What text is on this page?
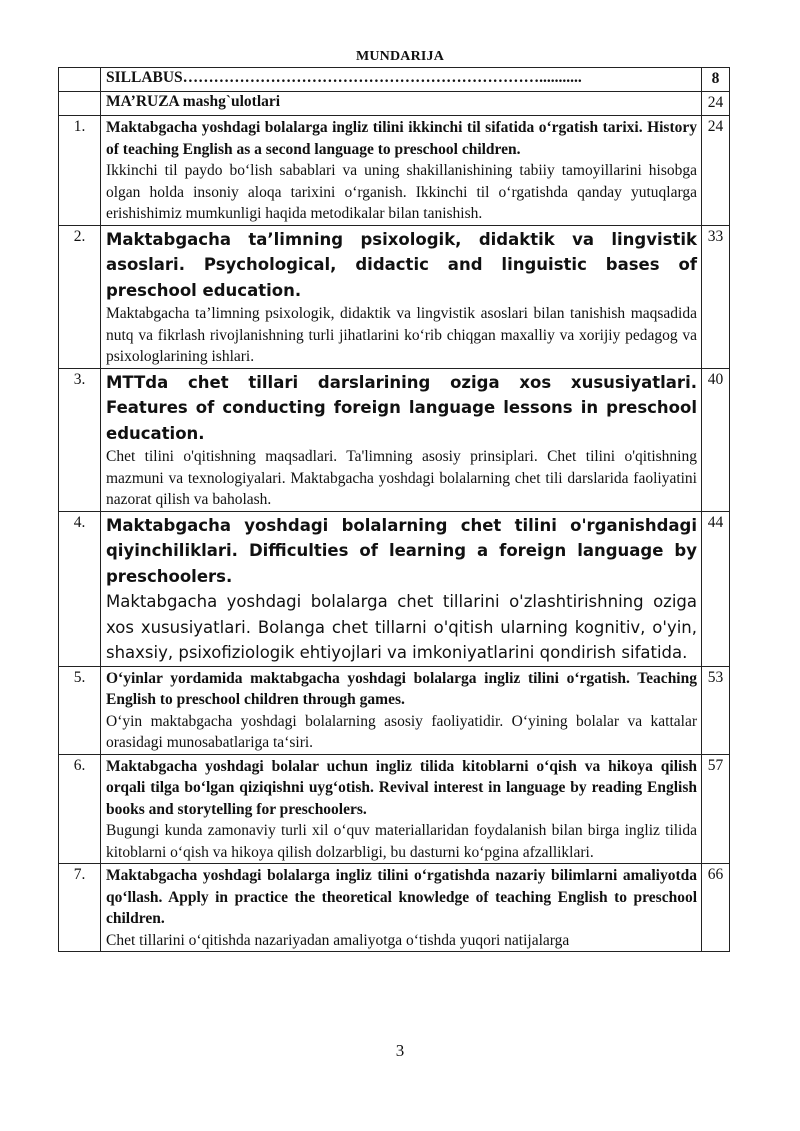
MUNDARIJA

	SILLABUS……………………………………………………………...........	8

	MA’RUZA mashg`ulotlari	24
1.	Maktabgacha yoshdagi bolalarga ingliz tilini ikkinchi til sifatida o‘rgatish tarixi. History of teaching English as a second language to preschool children.
Ikkinchi til paydo bo‘lish sabablari va uning shakillanishining tabiiy tamoyillarini hisobga olgan holda insoniy aloqa tarixini o‘rganish. Ikkinchi til o‘rgatishda qanday yutuqlarga erishishimiz mumkunligi haqida metodikalar bilan tanishish.	24
2.	Maktabgacha ta’limning psixologik, didaktik va lingvistik asoslari. Psychological, didactic and linguistic bases of preschool education.
Maktabgacha ta’limning psixologik, didaktik va lingvistik asoslari bilan tanishish maqsadida nutq va fikrlash rivojlanishning turli jihatlarini ko‘rib chiqgan maxalliy va xorijiy pedagog va psixologlarining ishlari.	33
3.	MTTda chet tillari darslarining oziga xos xususiyatlari. Features of conducting foreign language lessons in preschool education.
Chet tilini o'qitishning maqsadlari. Ta'limning asosiy prinsiplari. Chet tilini o'qitishning mazmuni va texnologiyalari. Maktabgacha yoshdagi bolalarning chet tili darslarida faoliyatini nazorat qilish va baholash.	40
4.	Maktabgacha yoshdagi bolalarning chet tilini o'rganishdagi qiyinchiliklari. Difficulties of learning a foreign language by preschoolers.
Maktabgacha yoshdagi bolalarga chet tillarini o'zlashtirishning oziga xos xususiyatlari. Bolanga chet tillarni o'qitish ularning kognitiv, o'yin, shaxsiy, psixofiziologik ehtiyojlari va imkoniyatlarini qondirish sifatida.	44
5.	O‘yinlar yordamida maktabgacha yoshdagi bolalarga ingliz tilini o‘rgatish. Teaching English to preschool children through games.
O‘yin maktabgacha yoshdagi bolalarning asosiy faoliyatidir. O‘yining bolalar va kattalar orasidagi munosabatlariga ta‘siri.	53
6.	Maktabgacha yoshdagi bolalar uchun ingliz tilida kitoblarni o‘qish va hikoya qilish orqali tilga bo‘lgan qiziqishni uyg‘otish. Revival interest in language by reading English books and storytelling for preschoolers.
Bugungi kunda zamonaviy turli xil o‘quv materiallaridan foydalanish bilan birga ingliz tilida kitoblarni o‘qish va hikoya qilish dolzarbligi, bu dasturni ko‘pgina afzalliklari.	57
7.	Maktabgacha yoshdagi bolalarga ingliz tilini o‘rgatishda nazariy bilimlarni amaliyotda qo‘llash. Apply in practice the theoretical knowledge of teaching English to preschool children.
Chet tillarini o‘qitishda nazariyadan amaliyotga o‘tishda yuqori natijalarga	66
3
